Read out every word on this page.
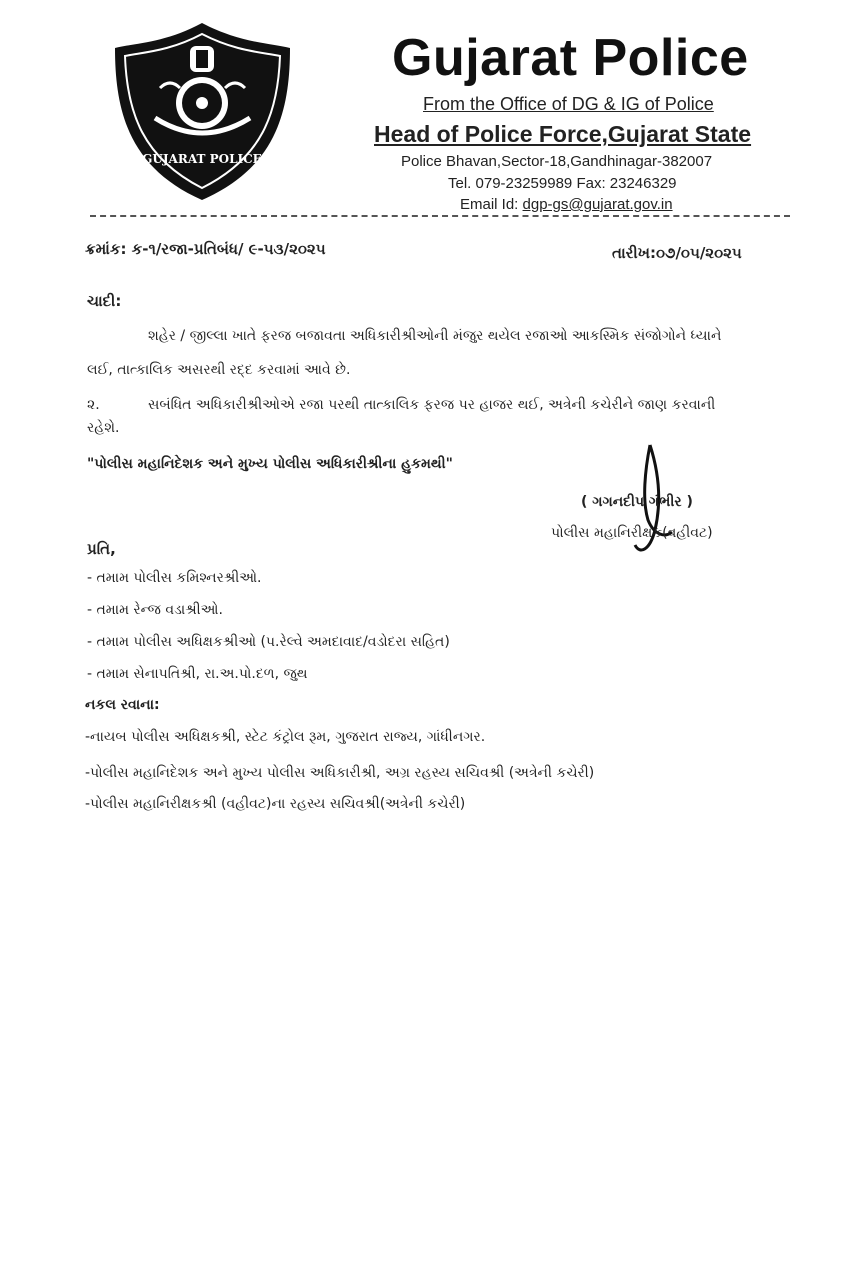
GUJARAT POLICE
Gujarat Police
From the Office of DG & IG of Police
Head of Police Force,Gujarat State
Police Bhavan,Sector-18,Gandhinagar-382007
Tel. 079-23259989 Fax: 23246329
Email Id: dgp-gs@gujarat.gov.in
ક્રમાંક: ક-૧/રજા-પ્રતિબંધ/ ૯-૫૩/૨૦૨૫	તારીખ:૦૭/૦૫/૨૦૨૫
ચાદી:
શહેર / જીલ્લા ખાતે ફરજ બજાવતા અધિકારીશ્રીઓની મંજુર થયેલ રજાઓ આકસ્મિક સંજોગોને ધ્યાને
લઈ, તાત્કાલિક અસરથી રદ્દ કરવામાં આવે છે.
૨.	સબંધિત અધિકારીશ્રીઓએ રજા પરથી તાત્કાલિક ફરજ પર હાજર થઈ, અત્રેની કચેરીને જાણ કરવાની
રહેશે.
"પોલીસ મહાનિદેશક અને મુખ્ય પોલીસ અધિકારીશ્રીના હુકમથી"
( ગગનદીપ ગંભીર )
પોલીસ મહાનિરીક્ષક(વહીવટ)
પ્રતિ,
- તમામ પોલીસ કમિશ્નરશ્રીઓ.
- તમામ રેન્જ વડાશ્રીઓ.
- તમામ પોલીસ અધિક્ષકશ્રીઓ (પ.રેલ્વે અમદાવાદ/વડોદરા સહિત)
- તમામ સેનાપતિશ્રી, રા.અ.પો.દળ, જુથ
નકલ રવાના:
-નાયબ પોલીસ અધિક્ષકશ્રી, સ્ટેટ કંટ્રોલ રૂમ, ગુજરાત રાજ્ય, ગાંધીનગર.
-પોલીસ મહાનિદેશક અને મુખ્ય પોલીસ અધિકારીશ્રી, અગ્ર રહસ્ય સચિવશ્રી (અત્રેની કચેરી)
-પોલીસ મહાનિરીક્ષકશ્રી (વહીવટ)ના રહસ્ય સચિવશ્રી(અત્રેની કચેરી)
